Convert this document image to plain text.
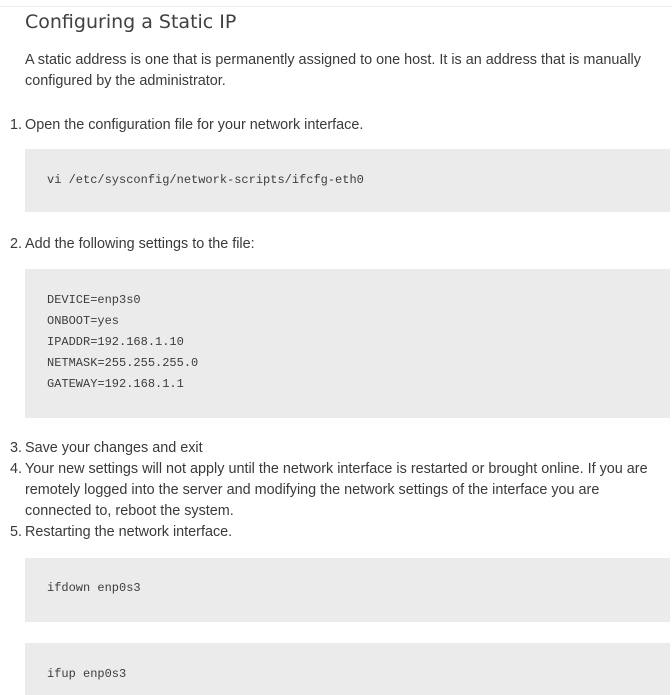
Configuring a Static IP

A static address is one that is permanently assigned to one host. It is an address that is manually configured by the administrator.

1. Open the configuration file for your network interface.
vi /etc/sysconfig/network-scripts/ifcfg-eth0
2. Add the following settings to the file:
DEVICE=enp3s0
ONBOOT=yes
IPADDR=192.168.1.10
NETMASK=255.255.255.0
GATEWAY=192.168.1.1
3. Save your changes and exit
4. Your new settings will not apply until the network interface is restarted or brought online. If you are remotely logged into the server and modifying the network settings of the interface you are connected to, reboot the system.
5. Restarting the network interface.
ifdown enp0s3
ifup enp0s3
